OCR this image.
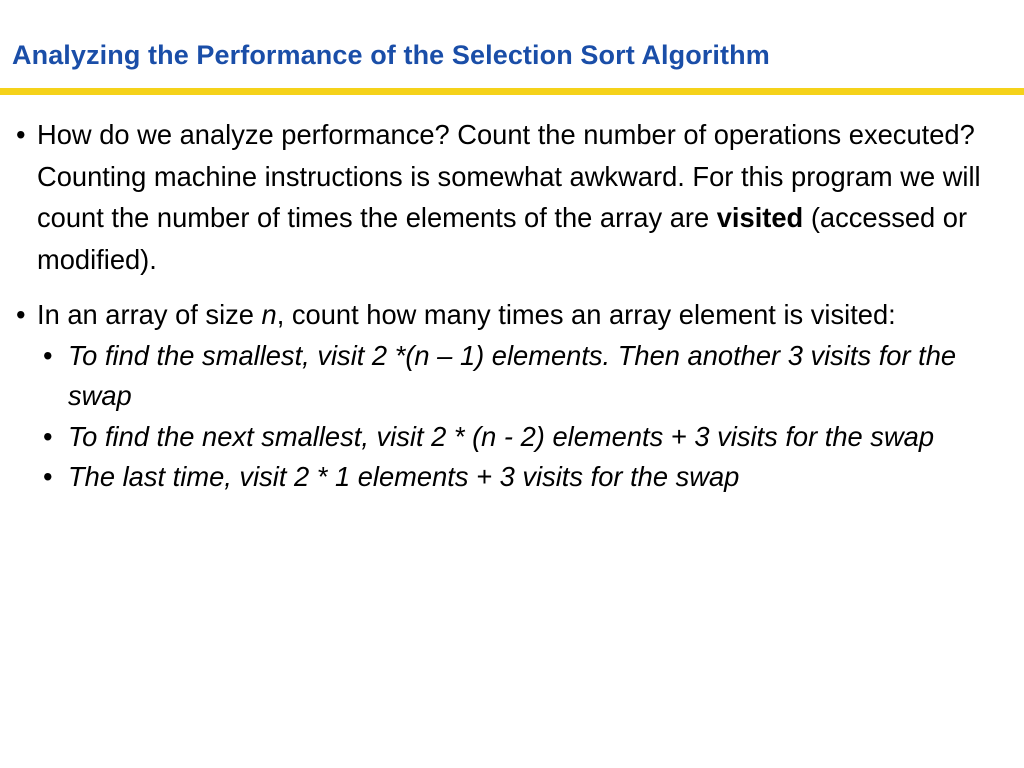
Analyzing the Performance of the Selection Sort Algorithm
• How do we analyze performance? Count the number of operations executed? Counting machine instructions is somewhat awkward. For this program we will count the number of times the elements of the array are visited (accessed or modified).
• In an array of size n, count how many times an array element is visited:
• To find the smallest, visit 2 *(n – 1) elements. Then another 3 visits for the swap
• To find the next smallest, visit 2 * (n - 2) elements + 3 visits for the swap
• The last time, visit 2 * 1 elements + 3 visits for the swap
